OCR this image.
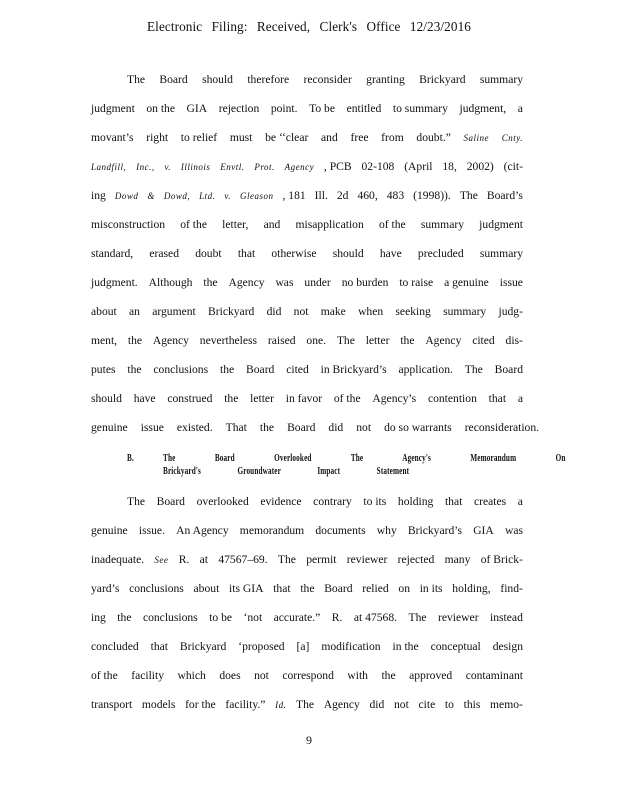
Electronic Filing: Received, Clerk's Office 12/23/2016
The Board should therefore reconsider granting Brickyard summary
judgment on the GIA rejection point. To be entitled to summary judgment, a
movant’s right to relief must be ‘‘clear and free from doubt.” Saline Cnty.
Landfill, Inc., v. Illinois Envtl. Prot. Agency , PCB 02-108 (April 18, 2002) (cit-
ing Dowd & Dowd, Ltd. v. Gleason , 181 Ill. 2d 460, 483 (1998)). The Board’s
misconstruction of the letter, and misapplication of the summary judgment
standard, erased doubt that otherwise should have precluded summary
judgment. Although the Agency was under no burden to raise a genuine issue
about an argument Brickyard did not make when seeking summary judg-
ment, the Agency nevertheless raised one. The letter the Agency cited dis-
putes the conclusions the Board cited in Brickyard’s application. The Board
should have construed the letter in favor of the Agency’s contention that a
genuine issue existed. That the Board did not do so warrants reconsideration.
B.	The Board Overlooked The Agency's Memorandum On
Brickyard's Groundwater Impact Statement
The Board overlooked evidence contrary to its holding that creates a
genuine issue. An Agency memorandum documents why Brickyard’s GIA was
inadequate. See R. at 47567–69. The permit reviewer rejected many of Brick-
yard’s conclusions about its GIA that the Board relied on in its holding, find-
ing the conclusions to be ‘not accurate.” R. at 47568. The reviewer instead
concluded that Brickyard ‘proposed [a] modification in the conceptual design
of the facility which does not correspond with the approved contaminant
transport models for the facility.” Id. The Agency did not cite to this memo-
9
